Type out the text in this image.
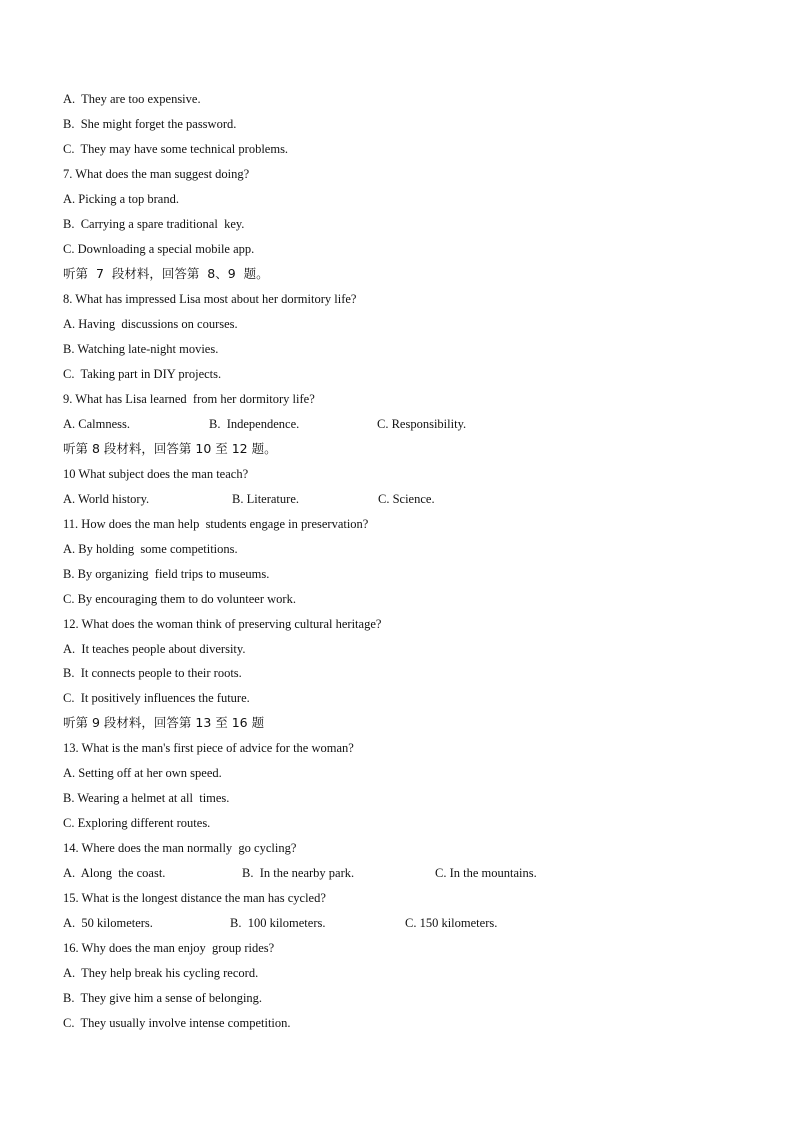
A.  They are too expensive.
B.  She might forget the password.
C.  They may have some technical problems.
7. What does the man suggest doing?
A. Picking a top brand.
B.  Carrying a spare traditional  key.
C. Downloading a special mobile app.
听第  7  段材料，回答第  8、9  题。
8. What has impressed Lisa most about her dormitory life?
A. Having  discussions on courses.
B. Watching late-night movies.
C.  Taking part in DIY projects.
9. What has Lisa learned  from her dormitory life?
A. Calmness.	B.  Independence.	C. Responsibility.
听第 8 段材料，回答第 10 至 12 题。
10 What subject does the man teach?
A. World history.	B. Literature.	C. Science.
11. How does the man help  students engage in preservation?
A. By holding  some competitions.
B. By organizing  field trips to museums.
C. By encouraging them to do volunteer work.
12. What does the woman think of preserving cultural heritage?
A.  It teaches people about diversity.
B.  It connects people to their roots.
C.  It positively influences the future.
听第 9 段材料，回答第 13 至 16 题
13. What is the man's first piece of advice for the woman?
A. Setting off at her own speed.
B. Wearing a helmet at all  times.
C. Exploring different routes.
14. Where does the man normally  go cycling?
A.  Along  the coast.	B.  In the nearby park.	C. In the mountains.
15. What is the longest distance the man has cycled?
A.  50 kilometers.	B.  100 kilometers.	C. 150 kilometers.
16. Why does the man enjoy  group rides?
A.  They help break his cycling record.
B.  They give him a sense of belonging.
C.  They usually involve intense competition.
